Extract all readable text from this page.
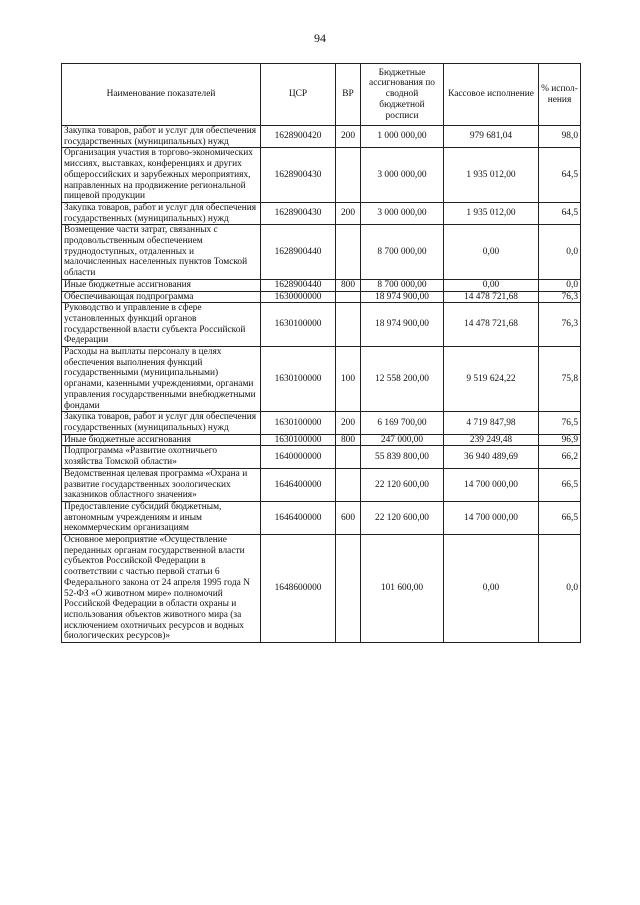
94
Наименование показателей	ЦСР	ВР	Бюджетные ассигнования по сводной бюджетной росписи	Кассовое исполнение	% испол-нения
Закупка товаров, работ и услуг для обеспечения государственных (муниципальных) нужд	1628900420	200	1 000 000,00	979 681,04	98,0
Организация участия в торгово-экономических миссиях, выставках, конференциях и других общероссийских и зарубежных мероприятиях, направленных на продвижение региональной пищевой продукции	1628900430		3 000 000,00	1 935 012,00	64,5
Закупка товаров, работ и услуг для обеспечения государственных (муниципальных) нужд	1628900430	200	3 000 000,00	1 935 012,00	64,5
Возмещение части затрат, связанных с продовольственным обеспечением труднодоступных, отдаленных и малочисленных населенных пунктов Томской области	1628900440		8 700 000,00	0,00	0,0
Иные бюджетные ассигнования	1628900440	800	8 700 000,00	0,00	0,0
Обеспечивающая подпрограмма	1630000000		18 974 900,00	14 478 721,68	76,3
Руководство и управление в сфере установленных функций органов государственной власти субъекта Российской Федерации	1630100000		18 974 900,00	14 478 721,68	76,3
Расходы на выплаты персоналу в целях обеспечения выполнения функций государственными (муниципальными) органами, казенными учреждениями, органами управления государственными внебюджетными фондами	1630100000	100	12 558 200,00	9 519 624,22	75,8
Закупка товаров, работ и услуг для обеспечения государственных (муниципальных) нужд	1630100000	200	6 169 700,00	4 719 847,98	76,5
Иные бюджетные ассигнования	1630100000	800	247 000,00	239 249,48	96,9
Подпрограмма «Развитие охотничьего хозяйства Томской области»	1640000000		55 839 800,00	36 940 489,69	66,2
Ведомственная целевая программа «Охрана и развитие государственных зоологических заказников областного значения»	1646400000		22 120 600,00	14 700 000,00	66,5
Предоставление субсидий бюджетным, автономным учреждениям и иным некоммерческим организациям	1646400000	600	22 120 600,00	14 700 000,00	66,5
Основное мероприятие «Осуществление переданных органам государственной власти субъектов Российской Федерации в соответствии с частью первой статьи 6 Федерального закона от 24 апреля 1995 года N 52-ФЗ «О животном мире» полномочий Российской Федерации в области охраны и использования объектов животного мира (за исключением охотничьих ресурсов и водных биологических ресурсов)»	1648600000		101 600,00	0,00	0,0
